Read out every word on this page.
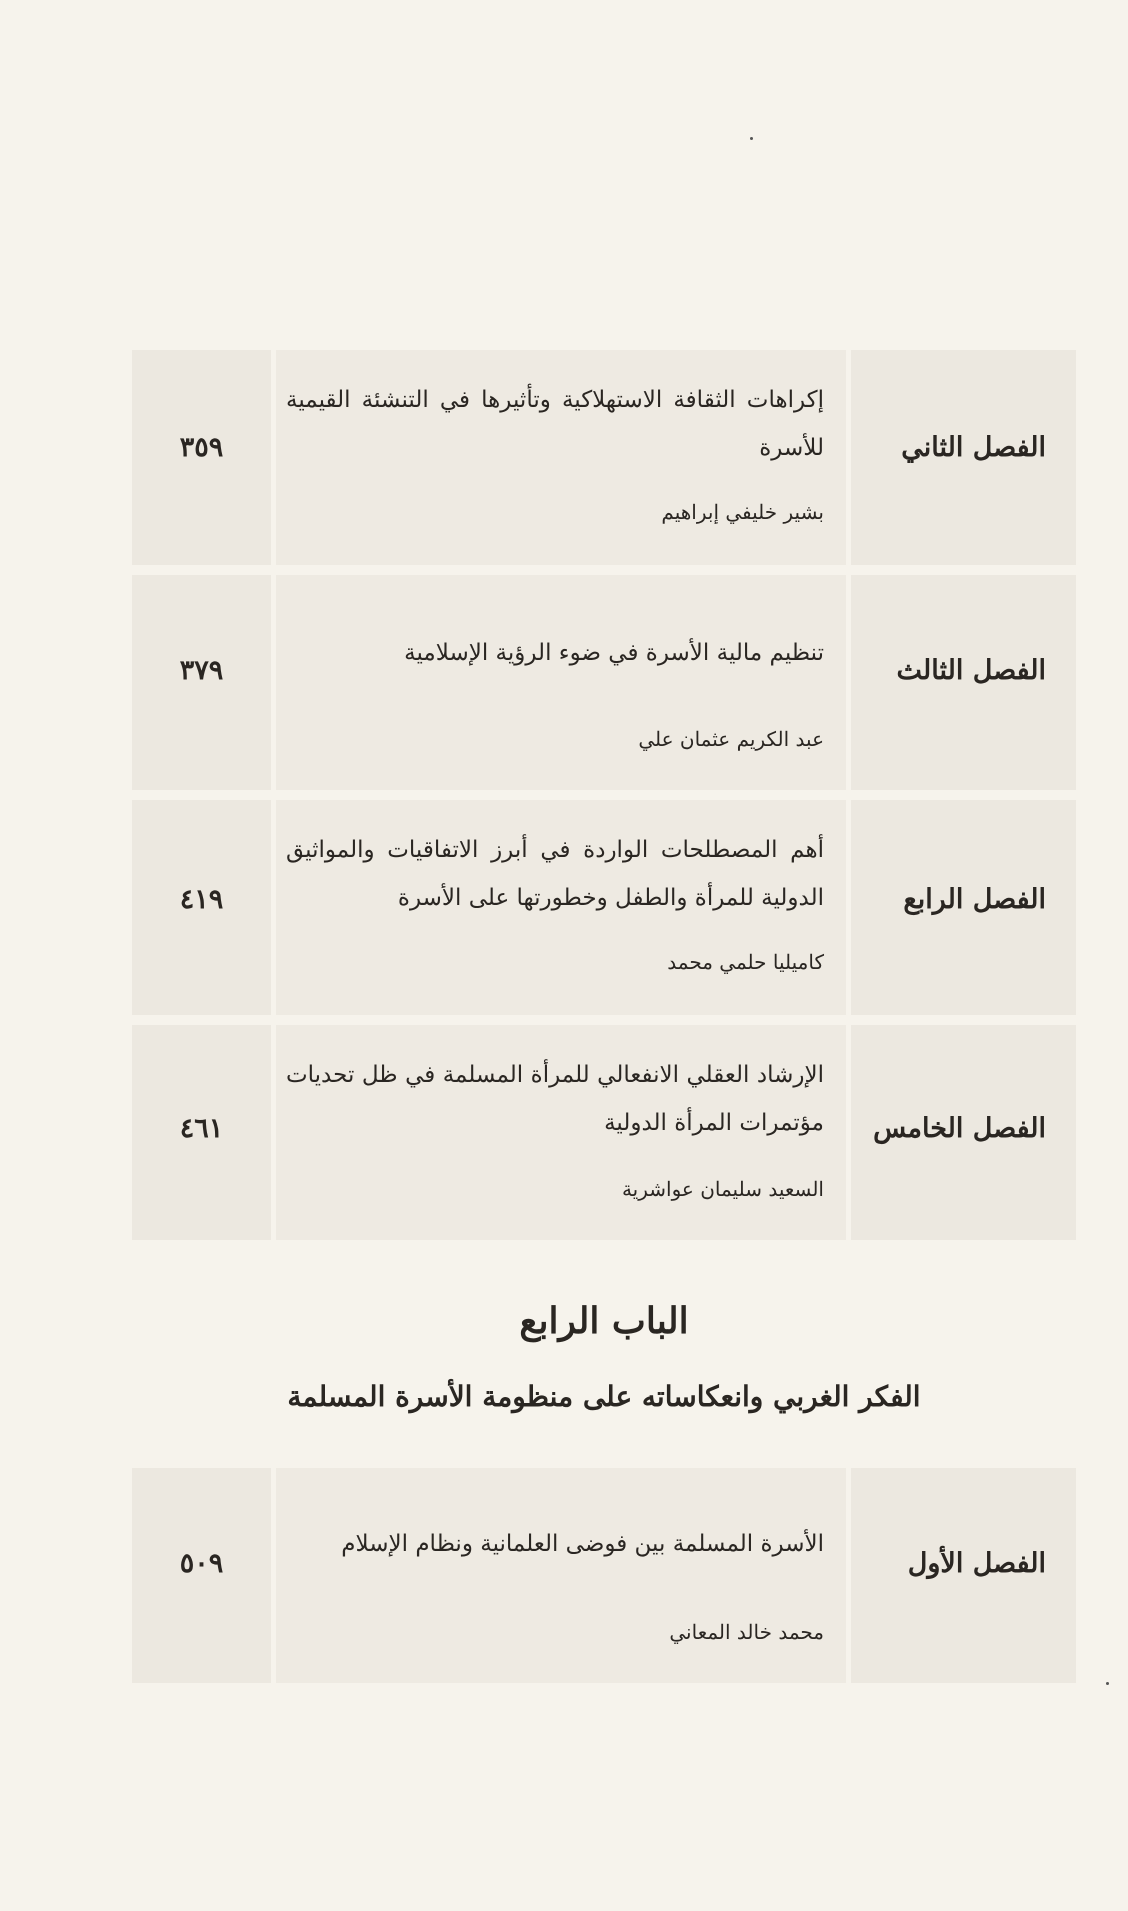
٣٥٩
إكراهات الثقافة الاستهلاكية وتأثيرها في التنشئة القيمية للأسرة
بشير خليفي إبراهيم
الفصل الثاني
٣٧٩
تنظيم مالية الأسرة في ضوء الرؤية الإسلامية
عبد الكريم عثمان علي
الفصل الثالث
٤١٩
أهم المصطلحات الواردة في أبرز الاتفاقيات والمواثيق الدولية للمرأة والطفل وخطورتها على الأسرة
كاميليا حلمي محمد
الفصل الرابع
٤٦١
الإرشاد العقلي الانفعالي للمرأة المسلمة في ظل تحديات مؤتمرات المرأة الدولية
السعيد سليمان عواشرية
الفصل الخامس
الباب الرابع
الفكر الغربي وانعكاساته على منظومة الأسرة المسلمة
٥٠٩
الأسرة المسلمة بين فوضى العلمانية ونظام الإسلام
محمد خالد المعاني
الفصل الأول
